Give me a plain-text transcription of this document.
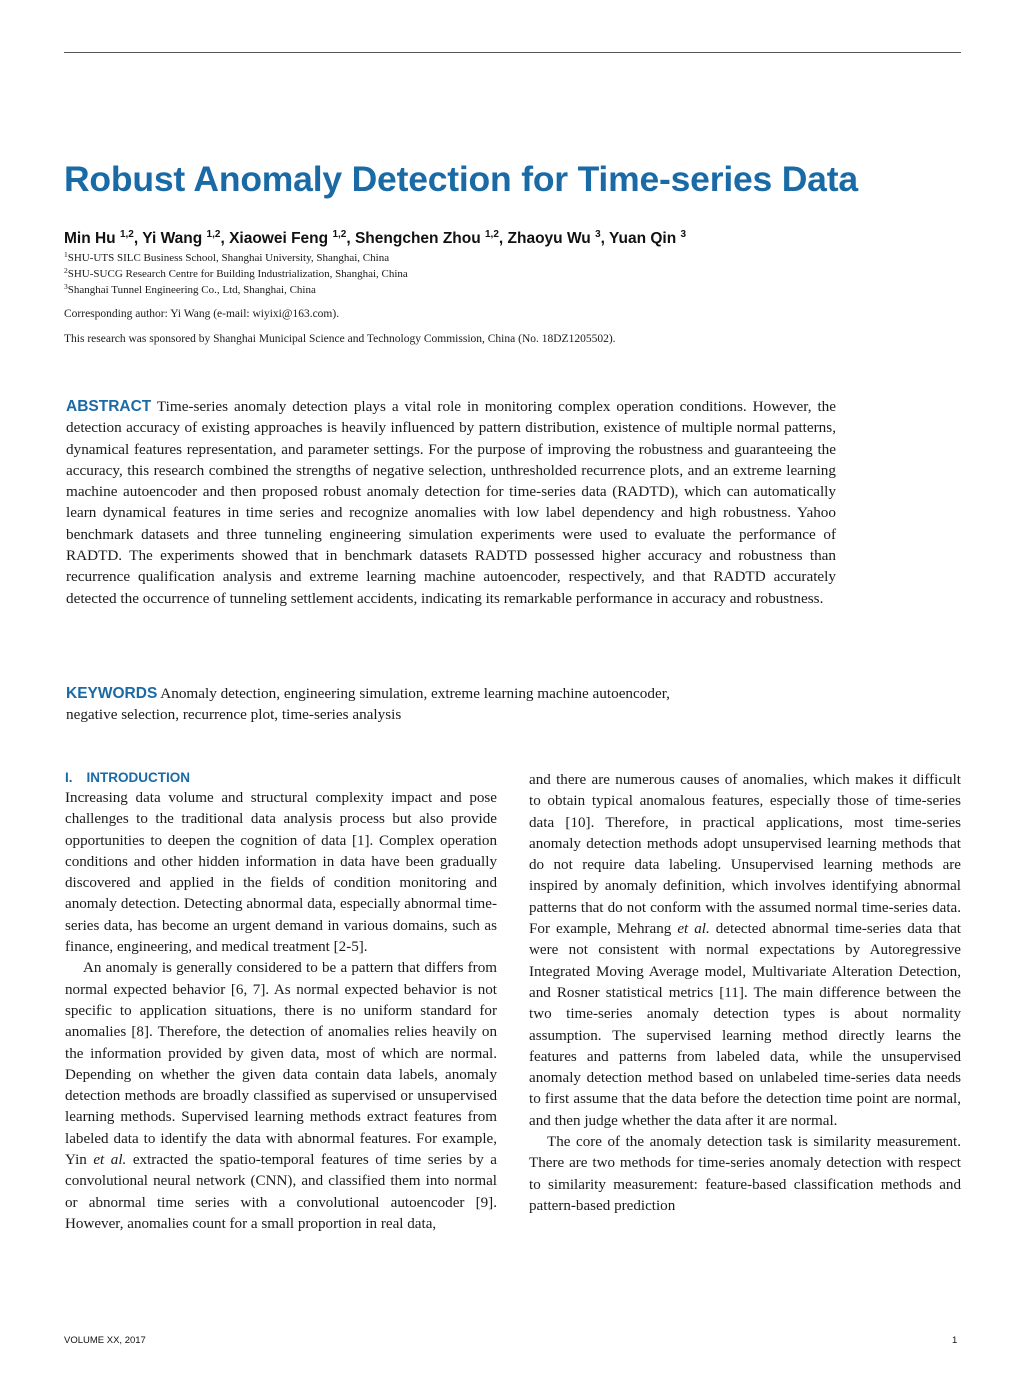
Robust Anomaly Detection for Time-series Data
Min Hu $^{1,2}$, Yi Wang $^{1,2}$, Xiaowei Feng $^{1,2}$, Shengchen Zhou $^{1,2}$, Zhaoyu Wu $^3$, Yuan Qin $^3$
$^1$SHU-UTS SILC Business School, Shanghai University, Shanghai, China
$^2$SHU-SUCG Research Centre for Building Industrialization, Shanghai, China
$^3$Shanghai Tunnel Engineering Co., Ltd, Shanghai, China
Corresponding author: Yi Wang (e-mail: wiyixi@163.com).
This research was sponsored by Shanghai Municipal Science and Technology Commission, China (No. 18DZ1205502).
ABSTRACT Time-series anomaly detection plays a vital role in monitoring complex operation conditions. However, the detection accuracy of existing approaches is heavily influenced by pattern distribution, existence of multiple normal patterns, dynamical features representation, and parameter settings. For the purpose of improving the robustness and guaranteeing the accuracy, this research combined the strengths of negative selection, unthresholded recurrence plots, and an extreme learning machine autoencoder and then proposed robust anomaly detection for time-series data (RADTD), which can automatically learn dynamical features in time series and recognize anomalies with low label dependency and high robustness. Yahoo benchmark datasets and three tunneling engineering simulation experiments were used to evaluate the performance of RADTD. The experiments showed that in benchmark datasets RADTD possessed higher accuracy and robustness than recurrence qualification analysis and extreme learning machine autoencoder, respectively, and that RADTD accurately detected the occurrence of tunneling settlement accidents, indicating its remarkable performance in accuracy and robustness.
KEYWORDS Anomaly detection, engineering simulation, extreme learning machine autoencoder,
negative selection, recurrence plot, time-series analysis
I. INTRODUCTION

Increasing data volume and structural complexity impact and pose challenges to the traditional data analysis process but also provide opportunities to deepen the cognition of data [1]. Complex operation conditions and other hidden information in data have been gradually discovered and applied in the fields of condition monitoring and anomaly detection. Detecting abnormal data, especially abnormal time-series data, has become an urgent demand in various domains, such as finance, engineering, and medical treatment [2-5].

An anomaly is generally considered to be a pattern that differs from normal expected behavior [6, 7]. As normal expected behavior is not specific to application situations, there is no uniform standard for anomalies [8]. Therefore, the detection of anomalies relies heavily on the information provided by given data, most of which are normal. Depending on whether the given data contain data labels, anomaly detection methods are broadly classified as supervised or unsupervised learning methods. Supervised learning methods extract features from labeled data to identify the data with abnormal features. For example, Yin et al. extracted the spatio-temporal features of time series by a convolutional neural network (CNN), and classified them into normal or abnormal time series with a convolutional autoencoder [9]. However, anomalies count for a small proportion in real data,

and there are numerous causes of anomalies, which makes it difficult to obtain typical anomalous features, especially those of time-series data [10]. Therefore, in practical applications, most time-series anomaly detection methods adopt unsupervised learning methods that do not require data labeling. Unsupervised learning methods are inspired by anomaly definition, which involves identifying abnormal patterns that do not conform with the assumed normal time-series data. For example, Mehrang et al. detected abnormal time-series data that were not consistent with normal expectations by Autoregressive Integrated Moving Average model, Multivariate Alteration Detection, and Rosner statistical metrics [11]. The main difference between the two time-series anomaly detection types is about normality assumption. The supervised learning method directly learns the features and patterns from labeled data, while the unsupervised anomaly detection method based on unlabeled time-series data needs to first assume that the data before the detection time point are normal, and then judge whether the data after it are normal.

The core of the anomaly detection task is similarity measurement. There are two methods for time-series anomaly detection with respect to similarity measurement: feature-based classification methods and pattern-based prediction

VOLUME XX, 2017	1
